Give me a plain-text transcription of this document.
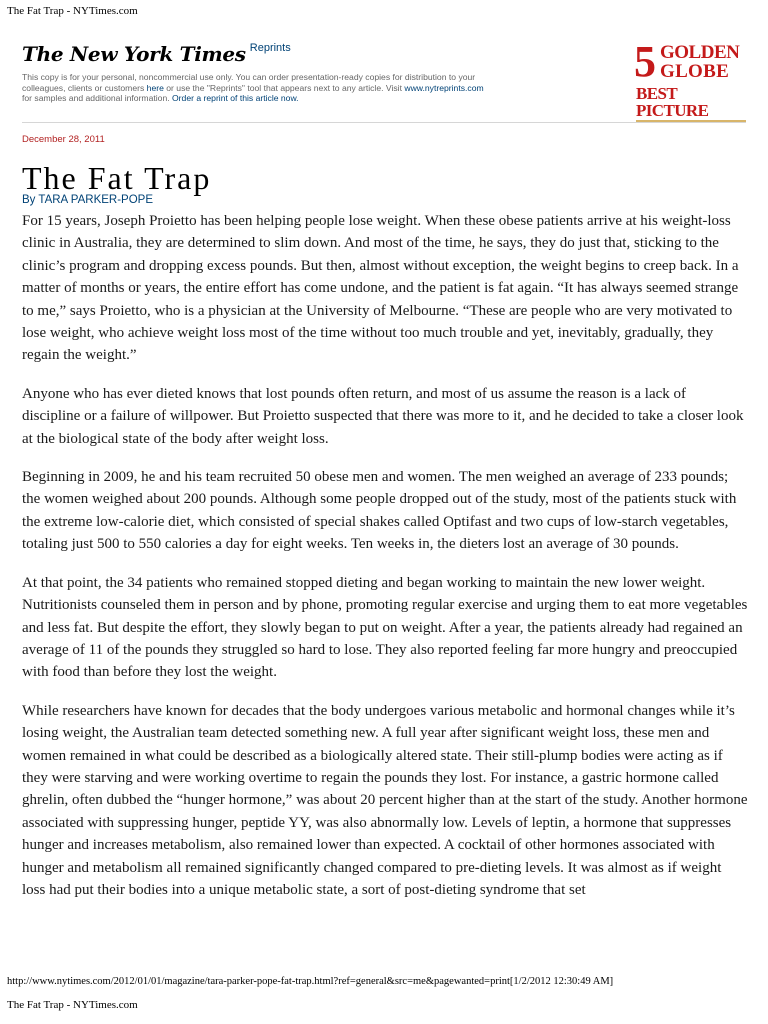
The Fat Trap - NYTimes.com
The New York Times Reprints
This copy is for your personal, noncommercial use only. You can order presentation-ready copies for distribution to your colleagues, clients or customers here or use the "Reprints" tool that appears next to any article. Visit www.nytreprints.com for samples and additional information. Order a reprint of this article now.
5 GOLDEN
GLOBE
BEST PICTURE
December 28, 2011
The Fat Trap
By TARA PARKER-POPE

For 15 years, Joseph Proietto has been helping people lose weight. When these obese patients arrive at his weight-loss clinic in Australia, they are determined to slim down. And most of the time, he says, they do just that, sticking to the clinic’s program and dropping excess pounds. But then, almost without exception, the weight begins to creep back. In a matter of months or years, the entire effort has come undone, and the patient is fat again. “It has always seemed strange to me,” says Proietto, who is a physician at the University of Melbourne. “These are people who are very motivated to lose weight, who achieve weight loss most of the time without too much trouble and yet, inevitably, gradually, they regain the weight.”

Anyone who has ever dieted knows that lost pounds often return, and most of us assume the reason is a lack of discipline or a failure of willpower. But Proietto suspected that there was more to it, and he decided to take a closer look at the biological state of the body after weight loss.

Beginning in 2009, he and his team recruited 50 obese men and women. The men weighed an average of 233 pounds; the women weighed about 200 pounds. Although some people dropped out of the study, most of the patients stuck with the extreme low-calorie diet, which consisted of special shakes called Optifast and two cups of low-starch vegetables, totaling just 500 to 550 calories a day for eight weeks. Ten weeks in, the dieters lost an average of 30 pounds.

At that point, the 34 patients who remained stopped dieting and began working to maintain the new lower weight. Nutritionists counseled them in person and by phone, promoting regular exercise and urging them to eat more vegetables and less fat. But despite the effort, they slowly began to put on weight. After a year, the patients already had regained an average of 11 of the pounds they struggled so hard to lose. They also reported feeling far more hungry and preoccupied with food than before they lost the weight.

While researchers have known for decades that the body undergoes various metabolic and hormonal changes while it’s losing weight, the Australian team detected something new. A full year after significant weight loss, these men and women remained in what could be described as a biologically altered state. Their still-plump bodies were acting as if they were starving and were working overtime to regain the pounds they lost. For instance, a gastric hormone called ghrelin, often dubbed the “hunger hormone,” was about 20 percent higher than at the start of the study. Another hormone associated with suppressing hunger, peptide YY, was also abnormally low. Levels of leptin, a hormone that suppresses hunger and increases metabolism, also remained lower than expected. A cocktail of other hormones associated with hunger and metabolism all remained significantly changed compared to pre-dieting levels. It was almost as if weight loss had put their bodies into a unique metabolic state, a sort of post-dieting syndrome that set

http://www.nytimes.com/2012/01/01/magazine/tara-parker-pope-fat-trap.html?ref=general&src=me&pagewanted=print[1/2/2012 12:30:49 AM]
The Fat Trap - NYTimes.com
